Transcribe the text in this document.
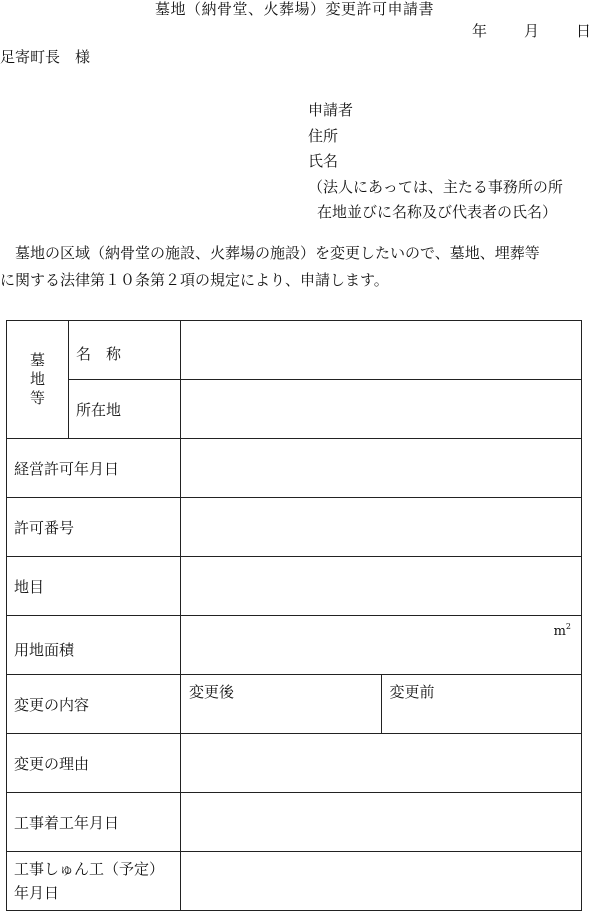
墓地（納骨堂、火葬場）変更許可申請書
年 月 日
足寄町長　様
申請者
住所
氏名
（法人にあっては、主たる事務所の所
在地並びに名称及び代表者の氏名）
墓地の区域（納骨堂の施設、火葬場の施設）を変更したいので、墓地、埋葬等
に関する法律第１０条第２項の規定により、申請します。
墓
地
等	名　称	
	所在地	
経営許可年月日		
許可番号		
地目		
用地面積		$m^2$

変更の内容		変更後 変更前

変更の理由		
工事着工年月日		

工事しゅん工（予定）
年月日		
